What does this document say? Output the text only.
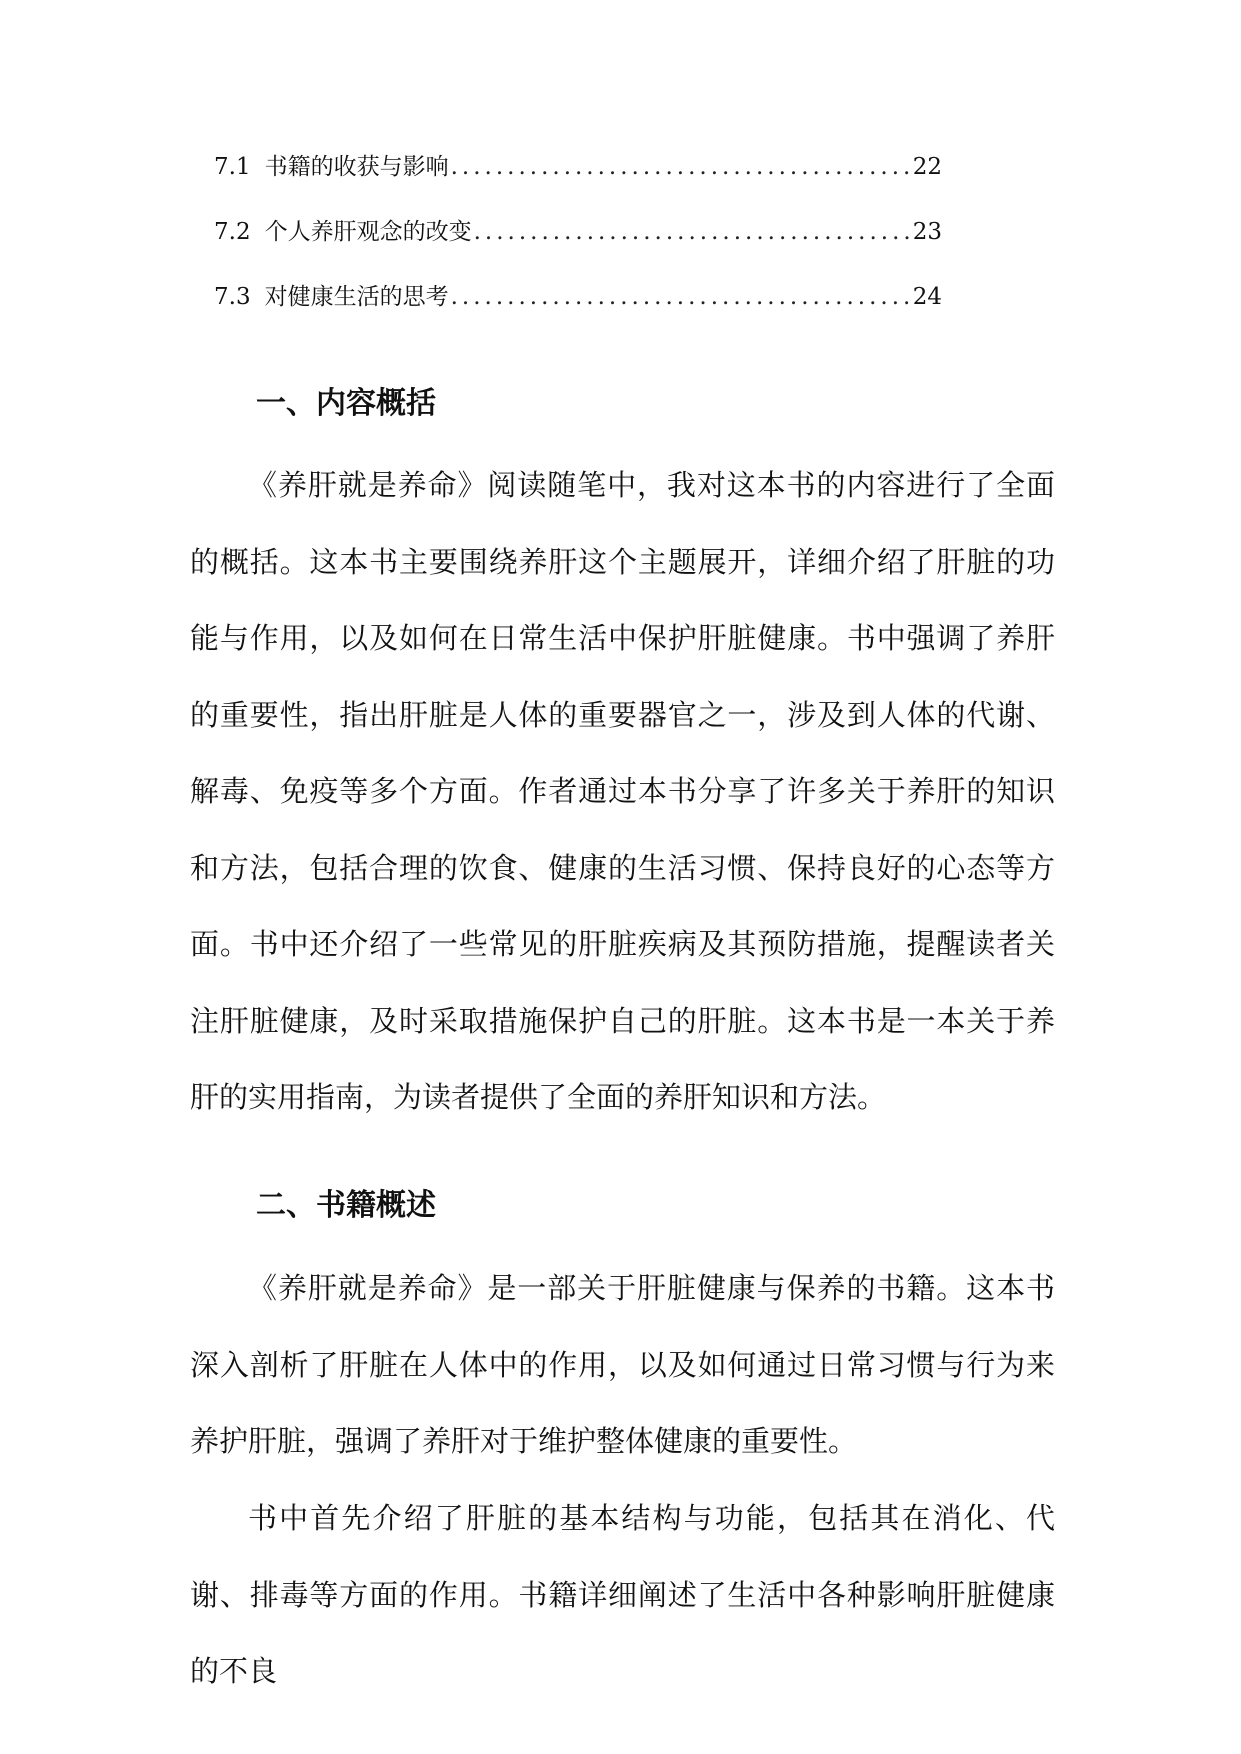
7.1 书籍的收获与影响 .....	22
7.2 个人养肝观念的改变 .....	23
7.3 对健康生活的思考 .....	24
一、内容概括

《养肝就是养命》阅读随笔中，我对这本书的内容进行了全面的概括。这本书主要围绕养肝这个主题展开，详细介绍了肝脏的功能与作用，以及如何在日常生活中保护肝脏健康。书中强调了养肝的重要性，指出肝脏是人体的重要器官之一，涉及到人体的代谢、解毒、免疫等多个方面。作者通过本书分享了许多关于养肝的知识和方法，包括合理的饮食、健康的生活习惯、保持良好的心态等方面。书中还介绍了一些常见的肝脏疾病及其预防措施，提醒读者关注肝脏健康，及时采取措施保护自己的肝脏。这本书是一本关于养肝的实用指南，为读者提供了全面的养肝知识和方法。

二、书籍概述

《养肝就是养命》是一部关于肝脏健康与保养的书籍。这本书深入剖析了肝脏在人体中的作用，以及如何通过日常习惯与行为来养护肝脏，强调了养肝对于维护整体健康的重要性。

书中首先介绍了肝脏的基本结构与功能，包括其在消化、代谢、排毒等方面的作用。书籍详细阐述了生活中各种影响肝脏健康的不良
